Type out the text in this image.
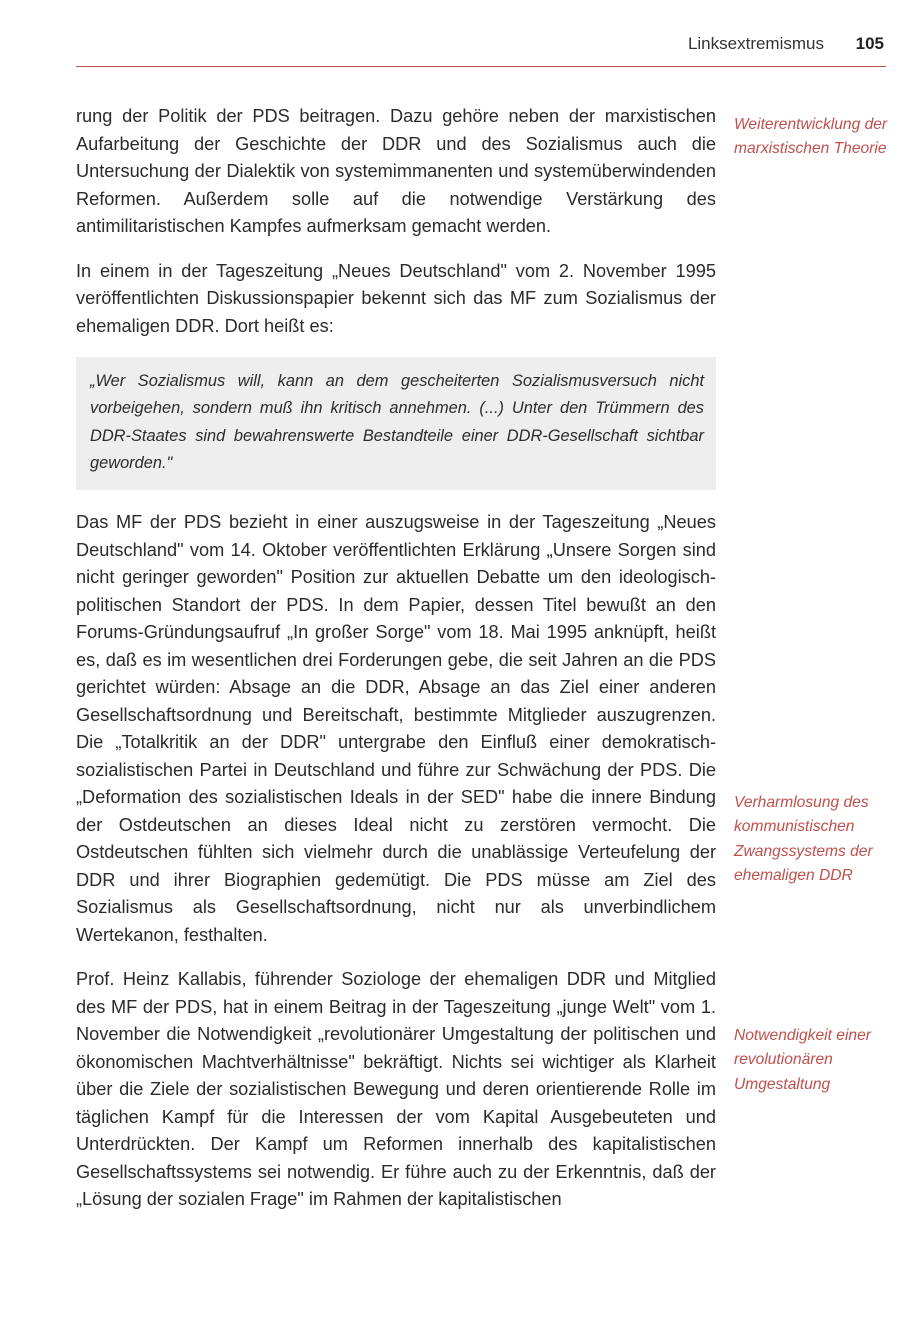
Linksextremismus 105

rung der Politik der PDS beitragen. Dazu gehöre neben der marxistischen Aufarbeitung der Geschichte der DDR und des Sozialismus auch die Untersuchung der Dialektik von systemimmanenten und systemüberwindenden Reformen. Außerdem solle auf die notwendige Verstärkung des antimilitaristischen Kampfes aufmerksam gemacht werden.

In einem in der Tageszeitung „Neues Deutschland" vom 2. November 1995 veröffentlichten Diskussionspapier bekennt sich das MF zum Sozialismus der ehemaligen DDR. Dort heißt es:

„Wer Sozialismus will, kann an dem gescheiterten Sozialismusversuch nicht vorbeigehen, sondern muß ihn kritisch annehmen. (...) Unter den Trümmern des DDR-Staates sind bewahrenswerte Bestandteile einer DDR-Gesellschaft sichtbar geworden."

Das MF der PDS bezieht in einer auszugsweise in der Tageszeitung „Neues Deutschland" vom 14. Oktober veröffentlichten Erklärung „Unsere Sorgen sind nicht geringer geworden" Position zur aktuellen Debatte um den ideologisch-politischen Standort der PDS. In dem Papier, dessen Titel bewußt an den Forums-Gründungsaufruf „In großer Sorge" vom 18. Mai 1995 anknüpft, heißt es, daß es im wesentlichen drei Forderungen gebe, die seit Jahren an die PDS gerichtet würden: Absage an die DDR, Absage an das Ziel einer anderen Gesellschaftsordnung und Bereitschaft, bestimmte Mitglieder auszugrenzen. Die „Totalkritik an der DDR" untergrabe den Einfluß einer demokratisch-sozialistischen Partei in Deutschland und führe zur Schwächung der PDS. Die „Deformation des sozialistischen Ideals in der SED" habe die innere Bindung der Ostdeutschen an dieses Ideal nicht zu zerstören vermocht. Die Ostdeutschen fühlten sich vielmehr durch die unablässige Verteufelung der DDR und ihrer Biographien gedemütigt. Die PDS müsse am Ziel des Sozialismus als Gesellschaftsordnung, nicht nur als unverbindlichem Wertekanon, festhalten.

Prof. Heinz Kallabis, führender Soziologe der ehemaligen DDR und Mitglied des MF der PDS, hat in einem Beitrag in der Tageszeitung „junge Welt" vom 1. November die Notwendigkeit „revolutionärer Umgestaltung der politischen und ökonomischen Machtverhältnisse" bekräftigt. Nichts sei wichtiger als Klarheit über die Ziele der sozialistischen Bewegung und deren orientierende Rolle im täglichen Kampf für die Interessen der vom Kapital Ausgebeuteten und Unterdrückten. Der Kampf um Reformen innerhalb des kapitalistischen Gesellschaftssystems sei notwendig. Er führe auch zu der Erkenntnis, daß der „Lösung der sozialen Frage" im Rahmen der kapitalistischen

Weiterentwicklung der marxistischen Theorie
Verharmlosung des kommunistischen Zwangssystems der ehemaligen DDR
Notwendigkeit einer revolutionären Umgestaltung
